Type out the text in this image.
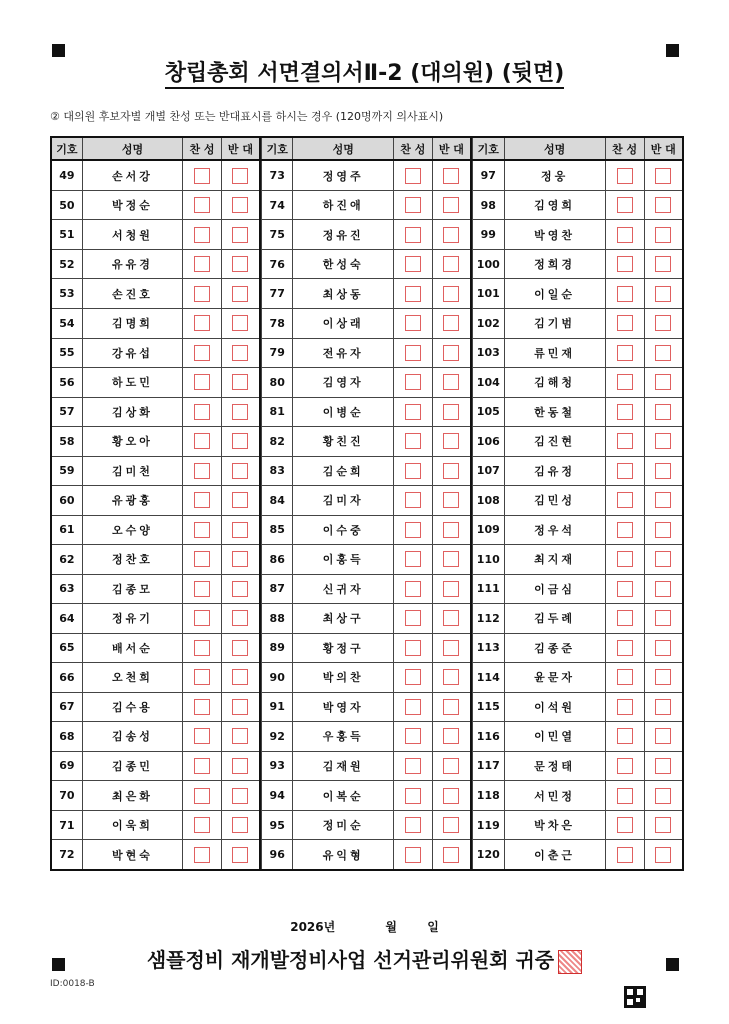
창립총회 서면결의서Ⅱ-2 (대의원) (뒷면)
② 대의원 후보자별 개별 찬성 또는 반대표시를 하시는 경우 (120명까지 의사표시)
기호	성명	찬 성	반 대
49	손서강		
50	박정순		
51	서청원		
52	유유경		
53	손진호		
54	김명희		
55	강유섭		
56	하도민		
57	김상화		
58	황오아		
59	김미천		
60	유광홍		
61	오수양		
62	정찬호		
63	김종모		
64	정유기		
65	배서순		
66	오천희		
67	김수용		
68	김송성		
69	김종민		
70	최은화		
71	이욱희		
72	박현숙		
기호	성명	찬 성	반 대
73	정영주		
74	하진애		
75	정유진		
76	한성숙		
77	최상동		
78	이상래		
79	전유자		
80	김영자		
81	이병순		
82	황친진		
83	김순희		
84	김미자		
85	이수중		
86	이홍득		
87	신귀자		
88	최상구		
89	황정구		
90	박의찬		
91	박영자		
92	우홍득		
93	김재원		
94	이복순		
95	정미순		
96	유익형		
기호	성명	찬 성	반 대
97	정웅		
98	김영희		
99	박영찬		
100	정희경		
101	이일순		
102	김기범		
103	류민재		
104	김해청		
105	한동철		
106	김진현		
107	김유정		
108	김민성		
109	정우석		
110	최지재		
111	이금심		
112	김두례		
113	김종준		
114	윤문자		
115	이석원		
116	이민열		
117	문정태		
118	서민정		
119	박차은		
120	이춘근		
2026년	월	일
샘플정비 재개발정비사업 선거관리위원회 귀중
ID:0018-B
